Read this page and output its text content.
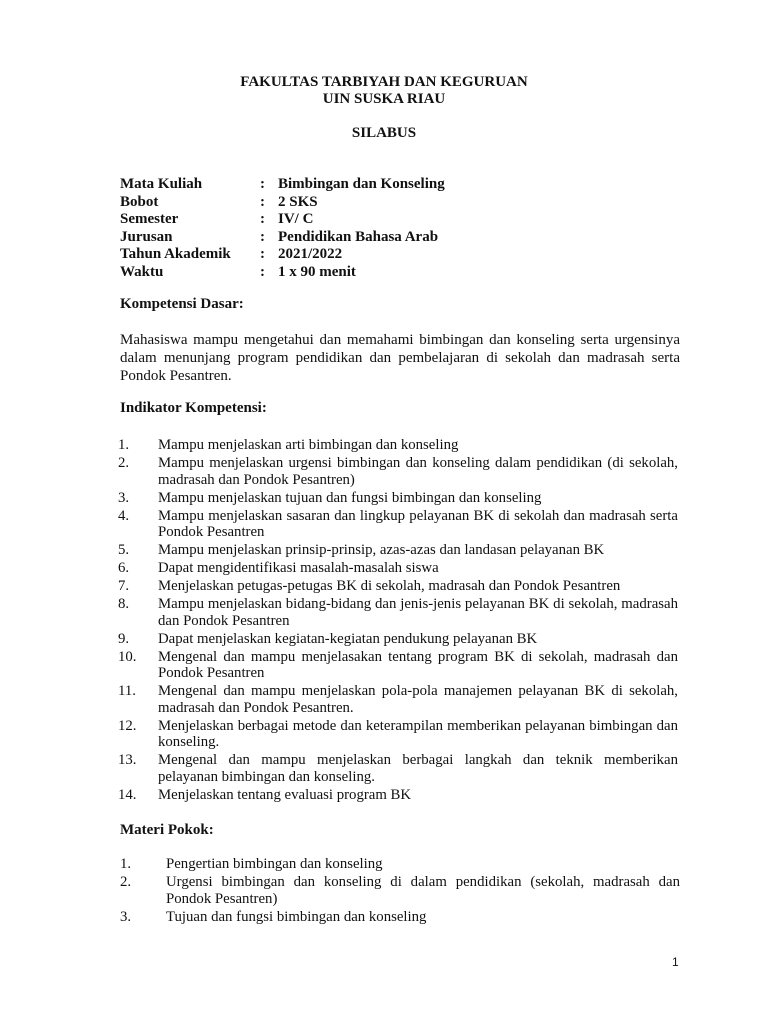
FAKULTAS TARBIYAH DAN KEGURUAN
UIN SUSKA RIAU
SILABUS
Mata Kuliah	: Bimbingan dan Konseling
Bobot	: 2 SKS
Semester	: IV/ C
Jurusan	: Pendidikan Bahasa Arab
Tahun Akademik	: 2021/2022
Waktu	: 1 x 90 menit
Kompetensi Dasar:
Mahasiswa mampu mengetahui dan memahami bimbingan dan konseling serta urgensinya dalam menunjang program pendidikan dan pembelajaran di sekolah dan madrasah serta Pondok Pesantren.
Indikator Kompetensi:
1.	Mampu menjelaskan arti bimbingan dan konseling
2.	Mampu menjelaskan urgensi bimbingan dan konseling dalam pendidikan (di sekolah, madrasah dan Pondok Pesantren)
3.	Mampu menjelaskan tujuan dan fungsi bimbingan dan konseling
4.	Mampu menjelaskan sasaran dan lingkup pelayanan BK di sekolah dan madrasah serta Pondok Pesantren
5.	Mampu menjelaskan prinsip-prinsip, azas-azas dan landasan pelayanan BK
6.	Dapat mengidentifikasi masalah-masalah siswa
7.	Menjelaskan petugas-petugas BK di sekolah, madrasah dan Pondok Pesantren
8.	Mampu menjelaskan bidang-bidang dan jenis-jenis pelayanan BK di sekolah, madrasah dan Pondok Pesantren
9.	Dapat menjelaskan kegiatan-kegiatan pendukung pelayanan BK
10.	Mengenal dan mampu menjelasakan tentang program BK di sekolah, madrasah dan Pondok Pesantren
11.	Mengenal dan mampu menjelaskan pola-pola manajemen pelayanan BK di sekolah, madrasah dan Pondok Pesantren.
12.	Menjelaskan berbagai metode dan keterampilan memberikan pelayanan bimbingan dan konseling.
13.	Mengenal dan mampu menjelaskan berbagai langkah dan teknik memberikan pelayanan bimbingan dan konseling.
14.	Menjelaskan tentang evaluasi program BK
Materi Pokok:
1.	Pengertian bimbingan dan konseling
2.	Urgensi bimbingan dan konseling di dalam pendidikan (sekolah, madrasah dan Pondok Pesantren)
3.	Tujuan dan fungsi bimbingan dan konseling
1
